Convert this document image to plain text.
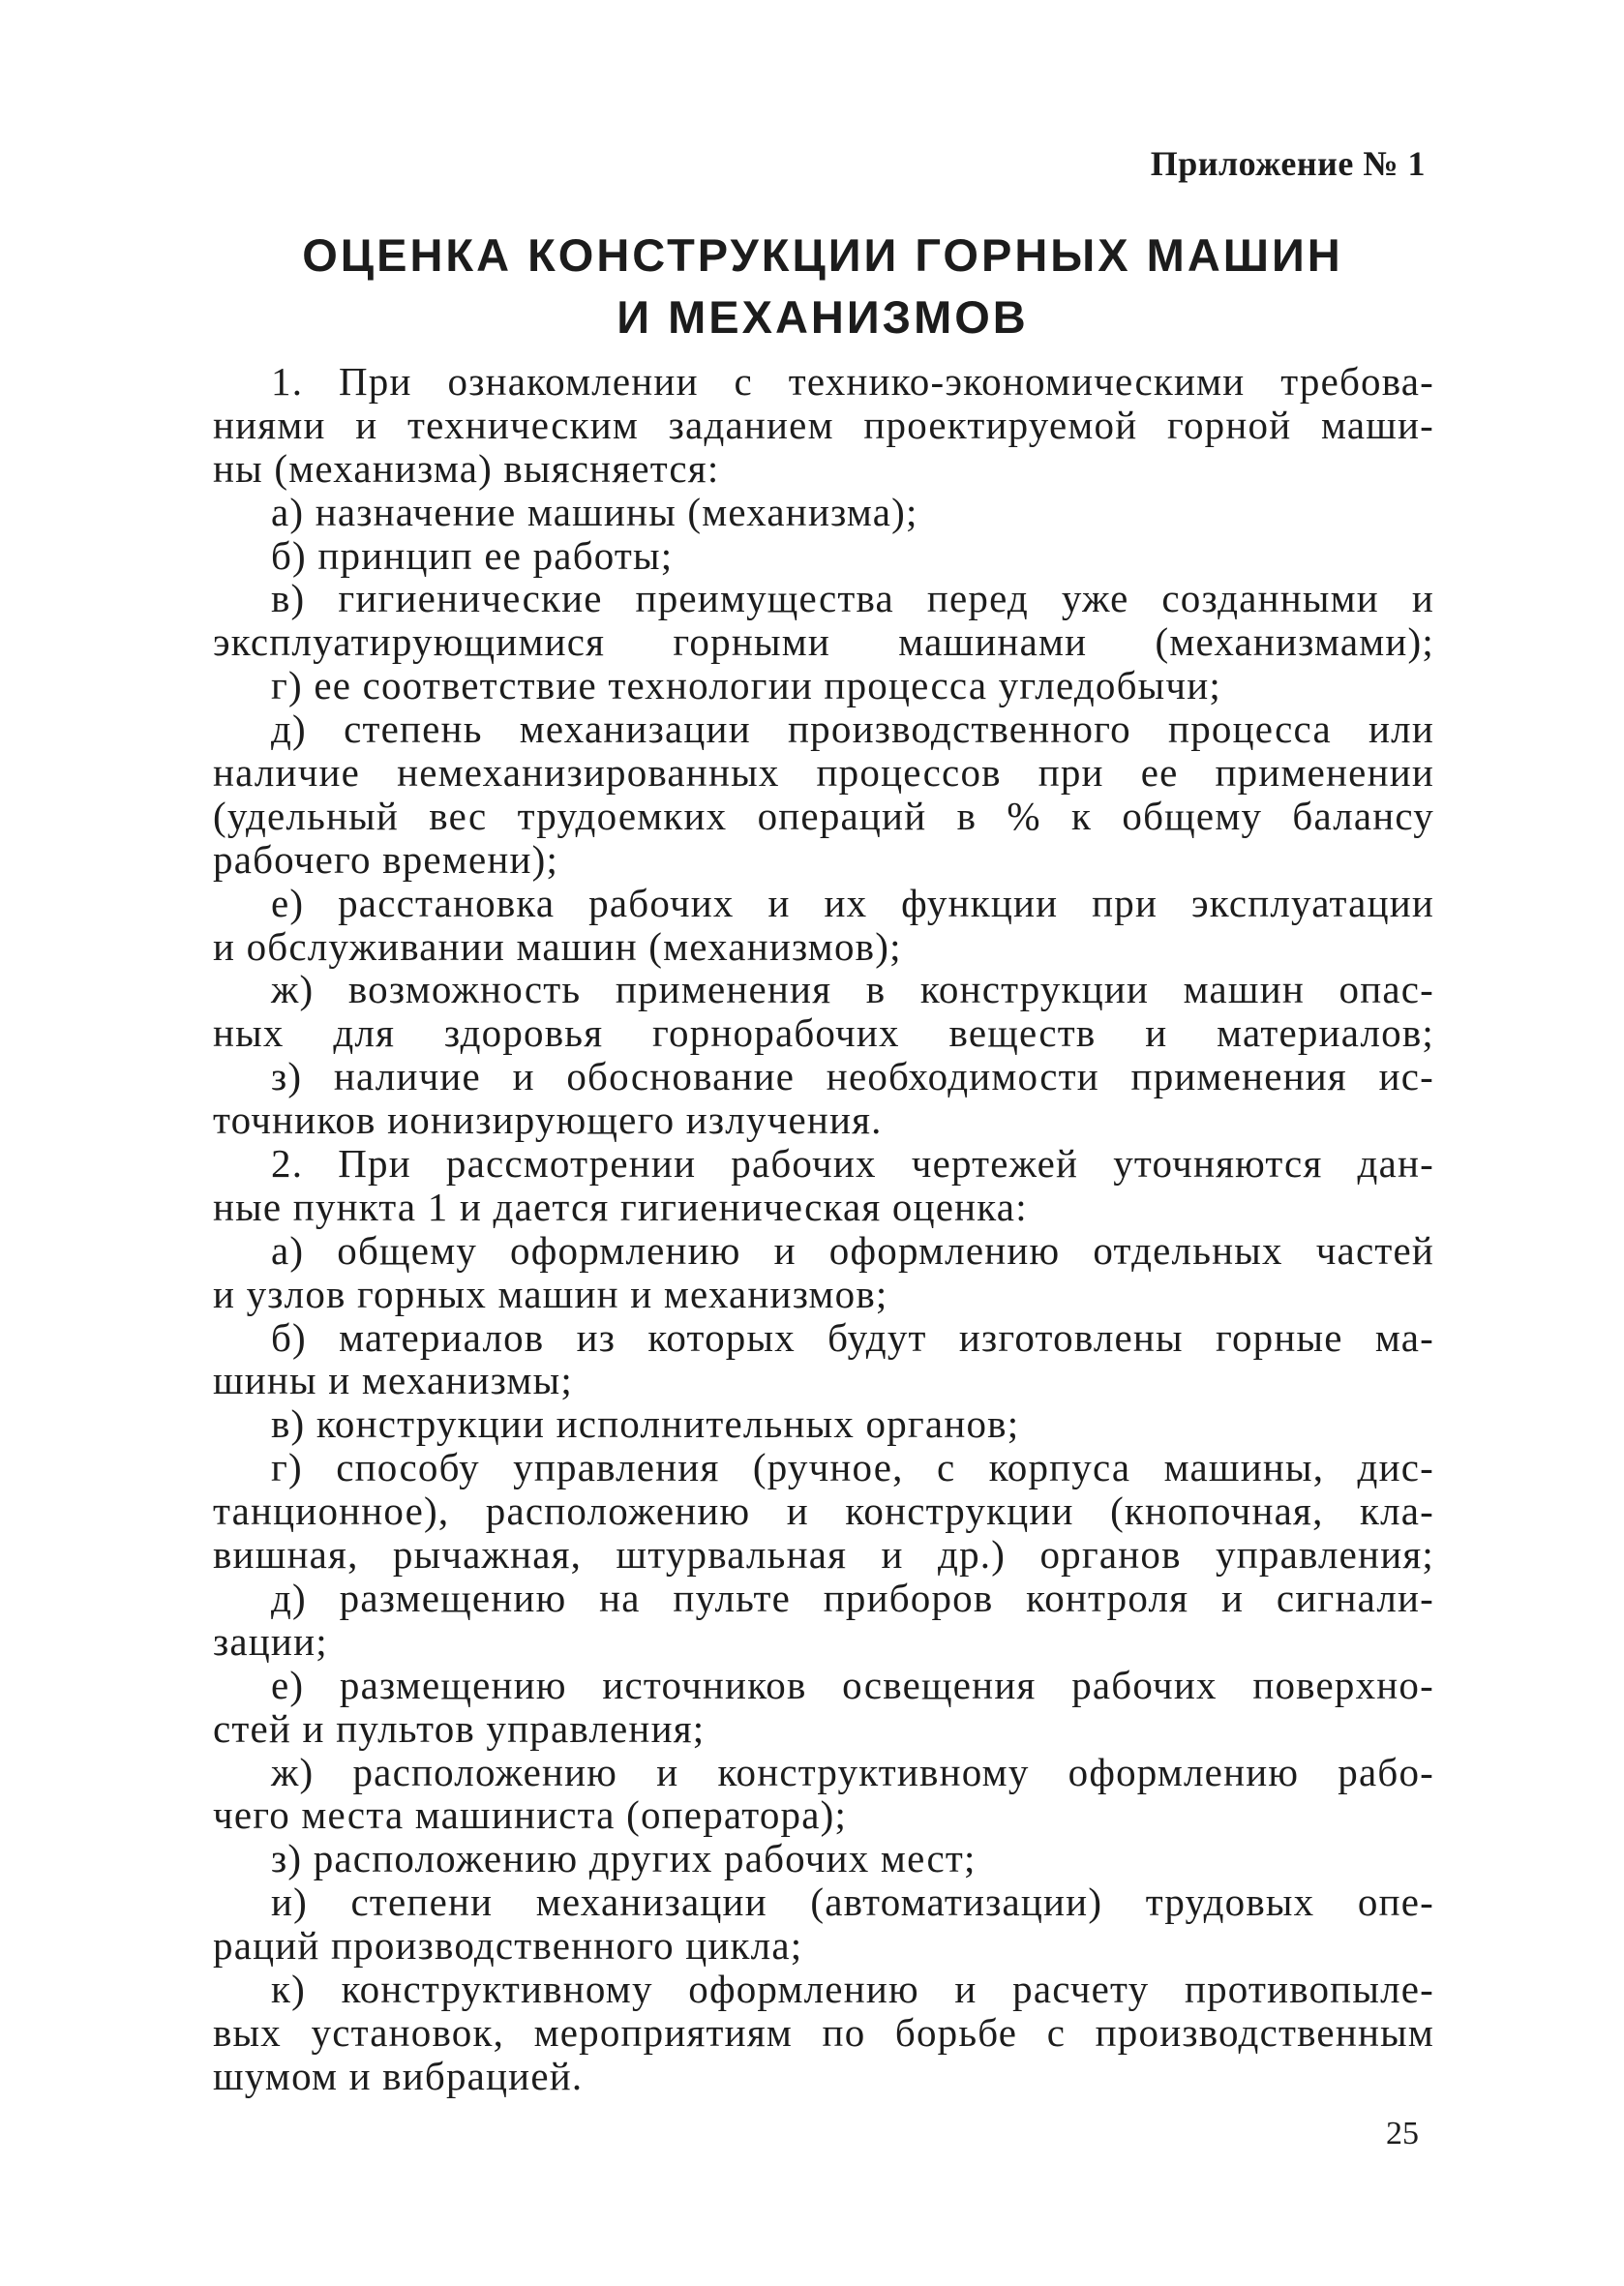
Приложение № 1
ОЦЕНКА КОНСТРУКЦИИ ГОРНЫХ МАШИН
И МЕХАНИЗМОВ
1. При ознакомлении с технико-экономическими требова-
ниями и техническим заданием проектируемой горной маши-
ны (механизма) выясняется:
а) назначение машины (механизма);
б) принцип ее работы;
в) гигиенические преимущества перед уже созданными и
эксплуатирующимися горными машинами (механизмами);
г) ее соответствие технологии процесса угледобычи;
д) степень механизации производственного процесса или
наличие немеханизированных процессов при ее применении
(удельный вес трудоемких операций в % к общему балансу
рабочего времени);
е) расстановка рабочих и их функции при эксплуатации
и обслуживании машин (механизмов);
ж) возможность применения в конструкции машин опас-
ных для здоровья горнорабочих веществ и материалов;
з) наличие и обоснование необходимости применения ис-
точников ионизирующего излучения.
2. При рассмотрении рабочих чертежей уточняются дан-
ные пункта 1 и дается гигиеническая оценка:
а) общему оформлению и оформлению отдельных частей
и узлов горных машин и механизмов;
б) материалов из которых будут изготовлены горные ма-
шины и механизмы;
в) конструкции исполнительных органов;
г) способу управления (ручное, с корпуса машины, дис-
танционное), расположению и конструкции (кнопочная, кла-
вишная, рычажная, штурвальная и др.) органов управления;
д) размещению на пульте приборов контроля и сигнали-
зации;
е) размещению источников освещения рабочих поверхно-
стей и пультов управления;
ж) расположению и конструктивному оформлению рабо-
чего места машиниста (оператора);
з) расположению других рабочих мест;
и) степени механизации (автоматизации) трудовых опе-
раций производственного цикла;
к) конструктивному оформлению и расчету противопыле-
вых установок, мероприятиям по борьбе с производственным
шумом и вибрацией.
25
